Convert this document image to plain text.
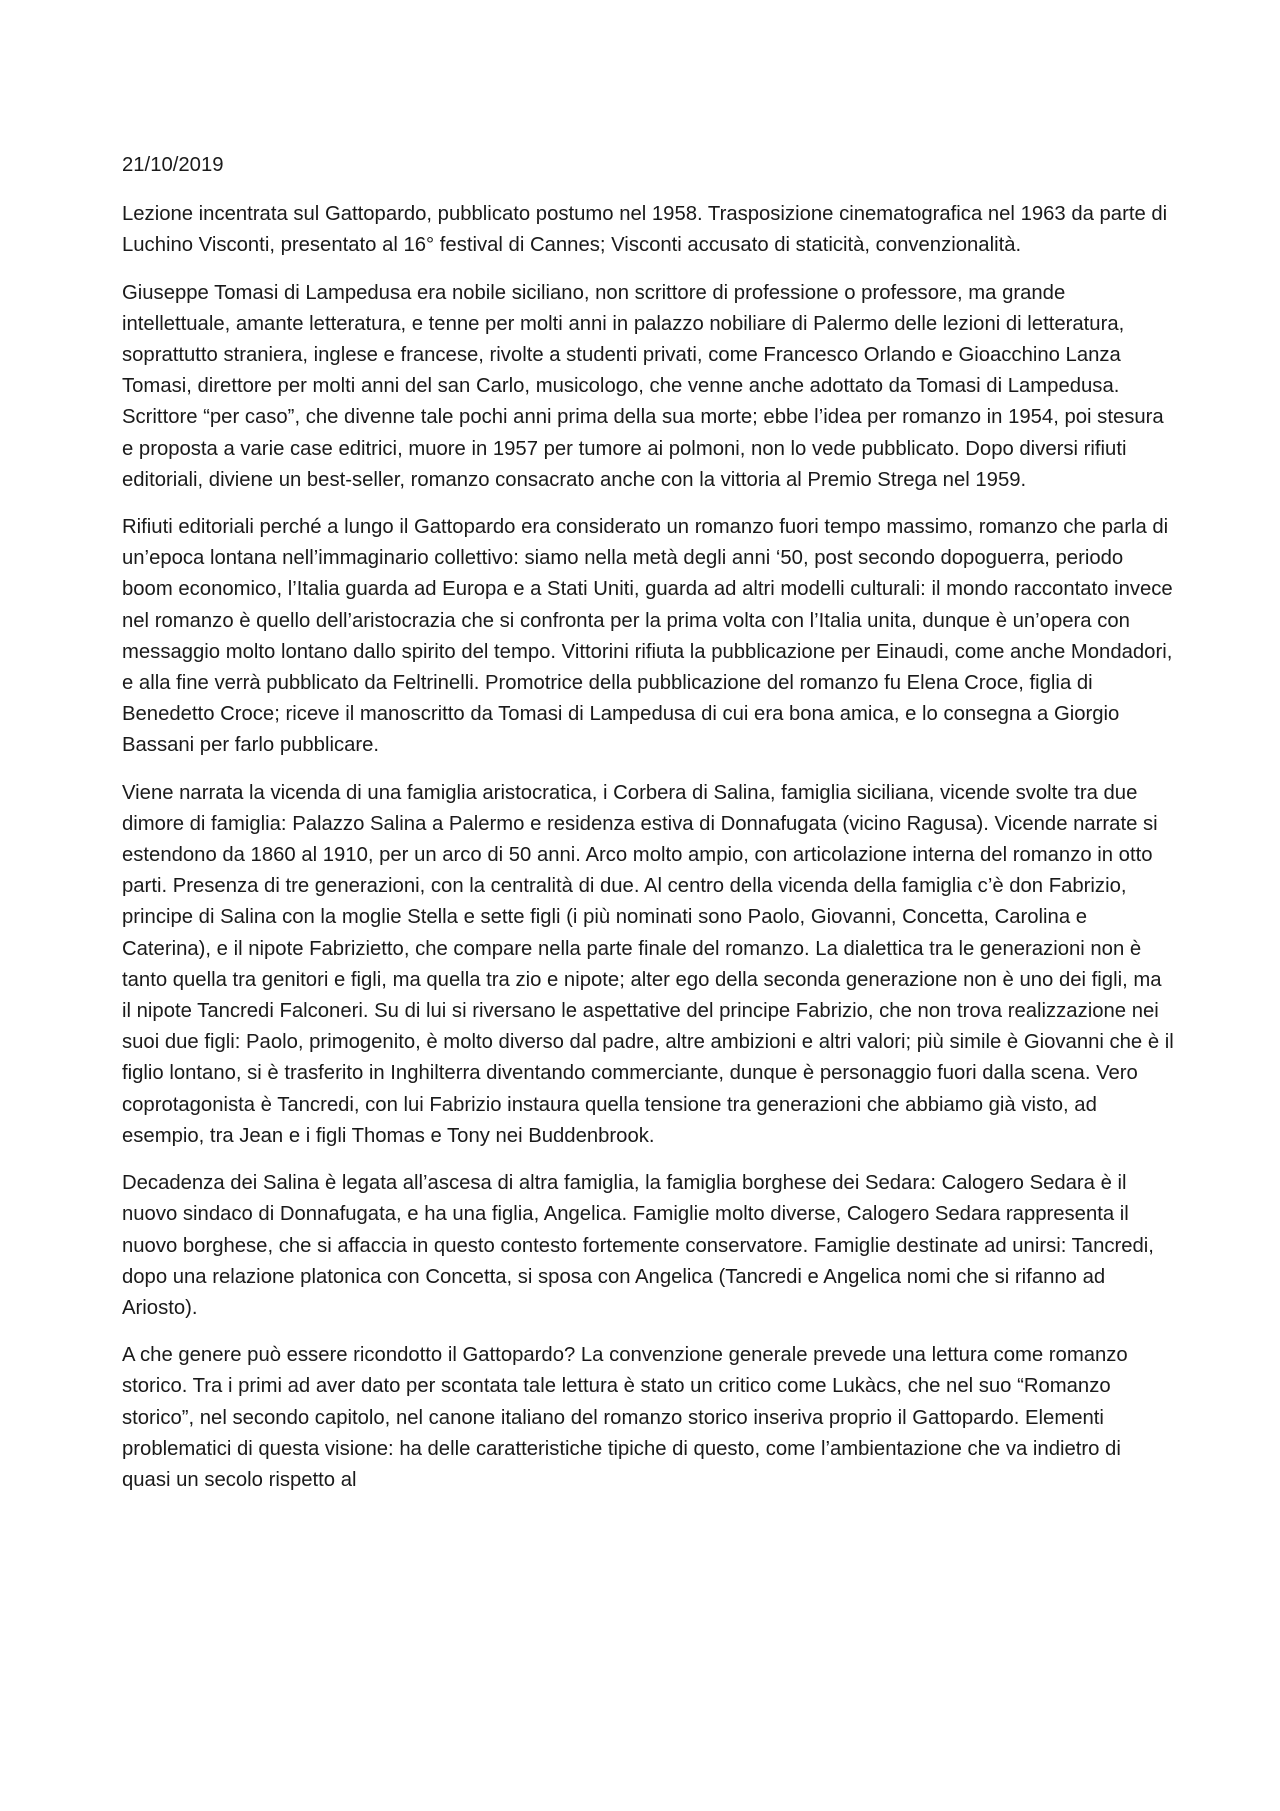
21/10/2019

Lezione incentrata sul Gattopardo, pubblicato postumo nel 1958. Trasposizione cinematografica nel 1963 da parte di Luchino Visconti, presentato al 16° festival di Cannes; Visconti accusato di staticità, convenzionalità.

Giuseppe Tomasi di Lampedusa era nobile siciliano, non scrittore di professione o professore, ma grande intellettuale, amante letteratura, e tenne per molti anni in palazzo nobiliare di Palermo delle lezioni di letteratura, soprattutto straniera, inglese e francese, rivolte a studenti privati, come Francesco Orlando e Gioacchino Lanza Tomasi, direttore per molti anni del san Carlo, musicologo, che venne anche adottato da Tomasi di Lampedusa. Scrittore “per caso”, che divenne tale pochi anni prima della sua morte; ebbe l’idea per romanzo in 1954, poi stesura e proposta a varie case editrici, muore in 1957 per tumore ai polmoni, non lo vede pubblicato. Dopo diversi rifiuti editoriali, diviene un best-seller, romanzo consacrato anche con la vittoria al Premio Strega nel 1959.

Rifiuti editoriali perché a lungo il Gattopardo era considerato un romanzo fuori tempo massimo, romanzo che parla di un’epoca lontana nell’immaginario collettivo: siamo nella metà degli anni ‘50, post secondo dopoguerra, periodo boom economico, l’Italia guarda ad Europa e a Stati Uniti, guarda ad altri modelli culturali: il mondo raccontato invece nel romanzo è quello dell’aristocrazia che si confronta per la prima volta con l’Italia unita, dunque è un’opera con messaggio molto lontano dallo spirito del tempo. Vittorini rifiuta la pubblicazione per Einaudi, come anche Mondadori, e alla fine verrà pubblicato da Feltrinelli. Promotrice della pubblicazione del romanzo fu Elena Croce, figlia di Benedetto Croce; riceve il manoscritto da Tomasi di Lampedusa di cui era bona amica, e lo consegna a Giorgio Bassani per farlo pubblicare.

Viene narrata la vicenda di una famiglia aristocratica, i Corbera di Salina, famiglia siciliana, vicende svolte tra due dimore di famiglia: Palazzo Salina a Palermo e residenza estiva di Donnafugata (vicino Ragusa). Vicende narrate si estendono da 1860 al 1910, per un arco di 50 anni. Arco molto ampio, con articolazione interna del romanzo in otto parti. Presenza di tre generazioni, con la centralità di due. Al centro della vicenda della famiglia c’è don Fabrizio, principe di Salina con la moglie Stella e sette figli (i più nominati sono Paolo, Giovanni, Concetta, Carolina e Caterina), e il nipote Fabrizietto, che compare nella parte finale del romanzo. La dialettica tra le generazioni non è tanto quella tra genitori e figli, ma quella tra zio e nipote; alter ego della seconda generazione non è uno dei figli, ma il nipote Tancredi Falconeri. Su di lui si riversano le aspettative del principe Fabrizio, che non trova realizzazione nei suoi due figli: Paolo, primogenito, è molto diverso dal padre, altre ambizioni e altri valori; più simile è Giovanni che è il figlio lontano, si è trasferito in Inghilterra diventando commerciante, dunque è personaggio fuori dalla scena. Vero coprotagonista è Tancredi, con lui Fabrizio instaura quella tensione tra generazioni che abbiamo già visto, ad esempio, tra Jean e i figli Thomas e Tony nei Buddenbrook.

Decadenza dei Salina è legata all’ascesa di altra famiglia, la famiglia borghese dei Sedara: Calogero Sedara è il nuovo sindaco di Donnafugata, e ha una figlia, Angelica. Famiglie molto diverse, Calogero Sedara rappresenta il nuovo borghese, che si affaccia in questo contesto fortemente conservatore. Famiglie destinate ad unirsi: Tancredi, dopo una relazione platonica con Concetta, si sposa con Angelica (Tancredi e Angelica nomi che si rifanno ad Ariosto).

A che genere può essere ricondotto il Gattopardo? La convenzione generale prevede una lettura come romanzo storico. Tra i primi ad aver dato per scontata tale lettura è stato un critico come Lukàcs, che nel suo “Romanzo storico”, nel secondo capitolo, nel canone italiano del romanzo storico inseriva proprio il Gattopardo. Elementi problematici di questa visione: ha delle caratteristiche tipiche di questo, come l’ambientazione che va indietro di quasi un secolo rispetto al
